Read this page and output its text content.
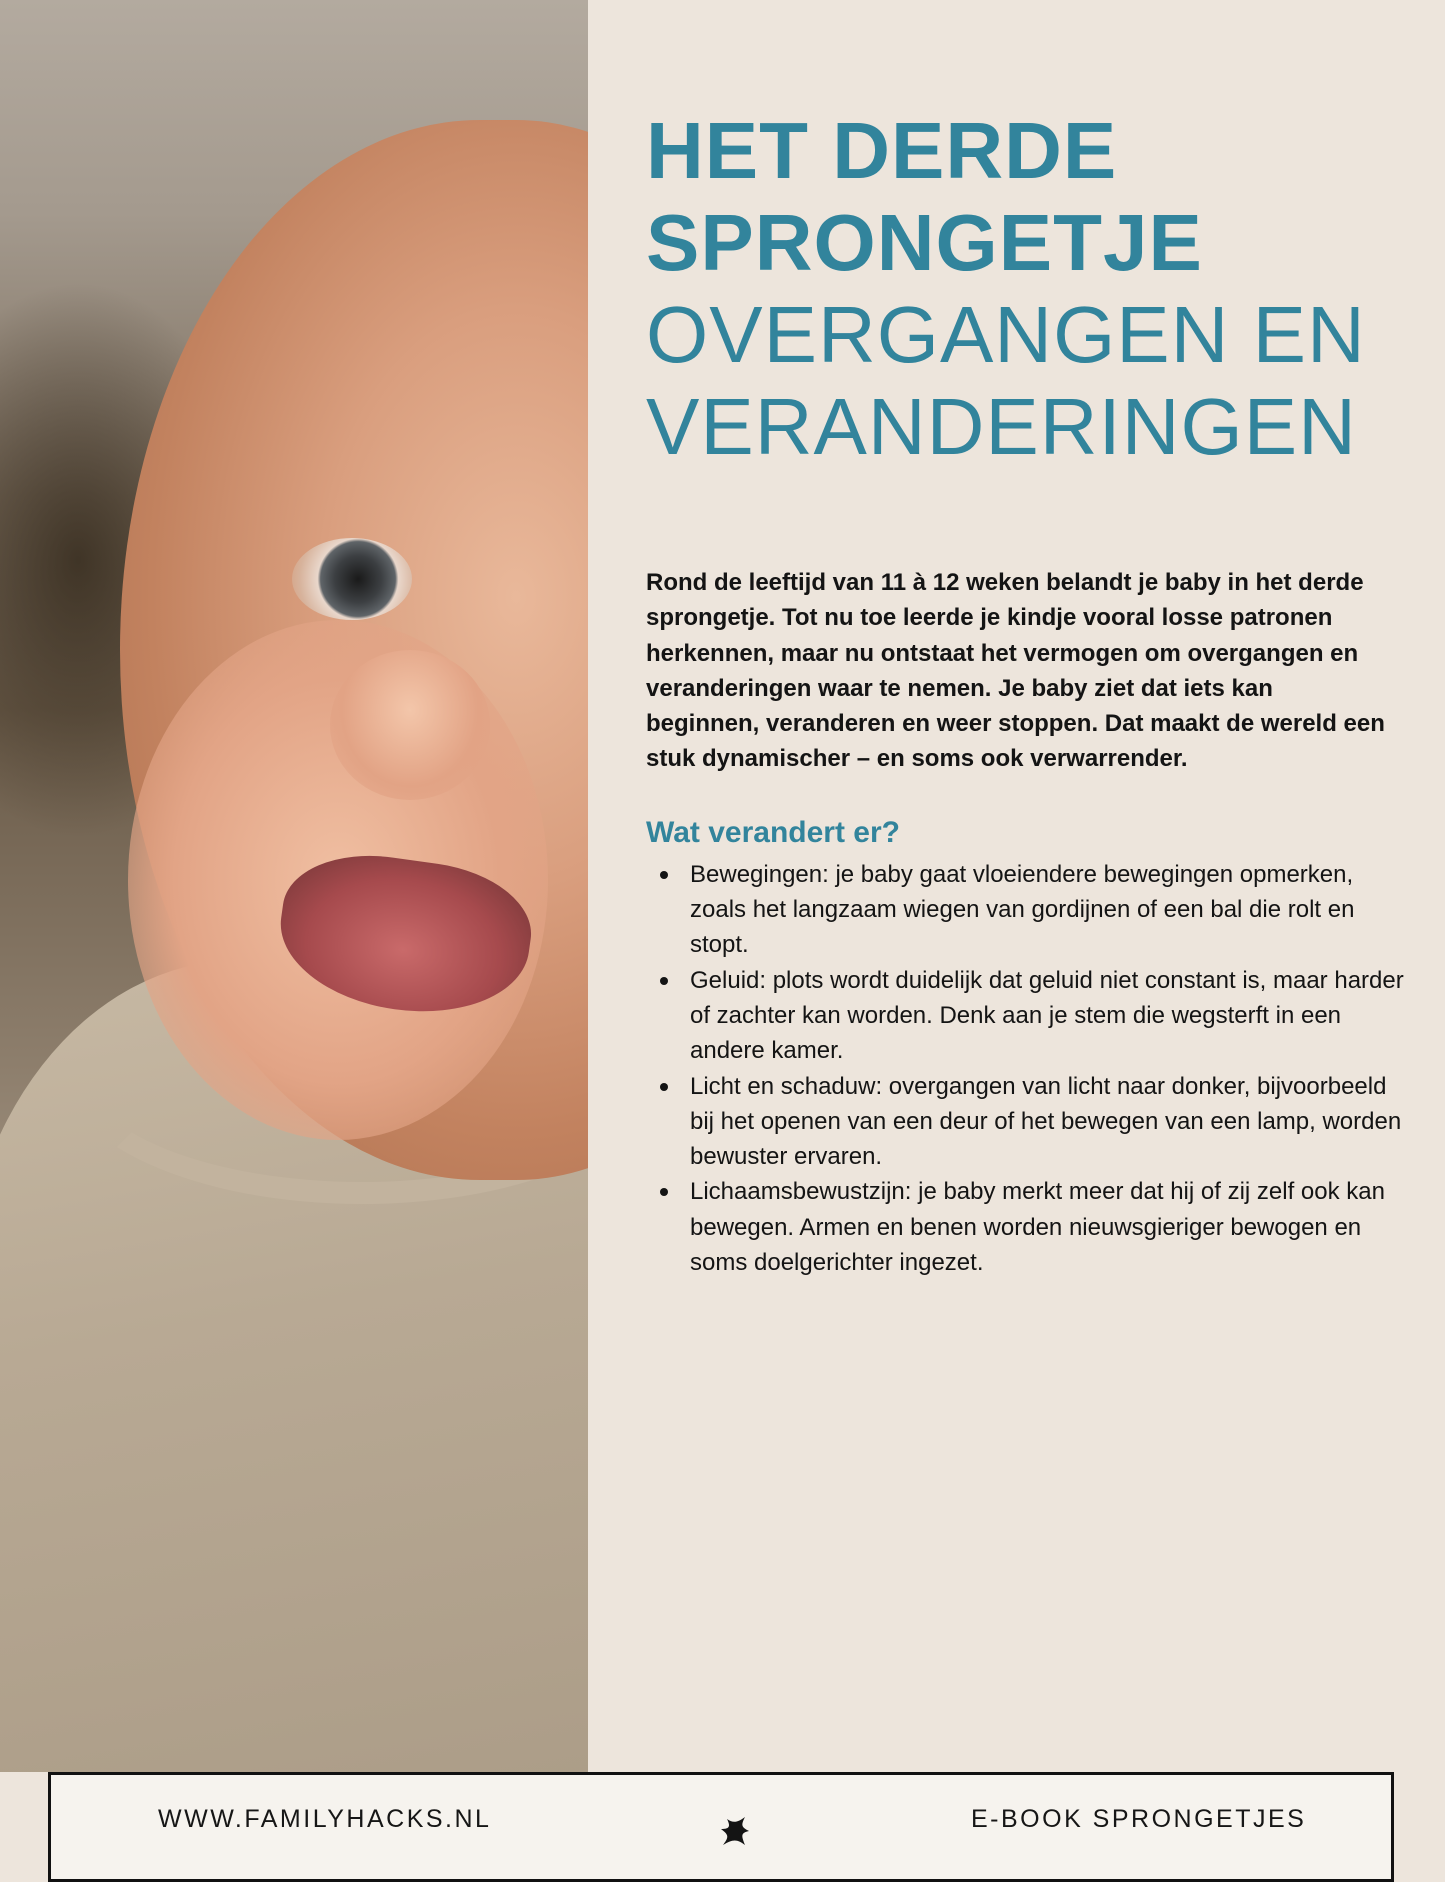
HET DERDE
SPRONGETJE
OVERGANGEN EN
VERANDERINGEN

Rond de leeftijd van 11 à 12 weken belandt je baby in het derde sprongetje. Tot nu toe leerde je kindje vooral losse patronen herkennen, maar nu ontstaat het vermogen om overgangen en veranderingen waar te nemen. Je baby ziet dat iets kan beginnen, veranderen en weer stoppen. Dat maakt de wereld een stuk dynamischer – en soms ook verwarrender.

Wat verandert er?
Bewegingen: je baby gaat vloeiendere bewegingen opmerken, zoals het langzaam wiegen van gordijnen of een bal die rolt en stopt.
Geluid: plots wordt duidelijk dat geluid niet constant is, maar harder of zachter kan worden. Denk aan je stem die wegsterft in een andere kamer.
Licht en schaduw: overgangen van licht naar donker, bijvoorbeeld bij het openen van een deur of het bewegen van een lamp, worden bewuster ervaren.
Lichaamsbewustzijn: je baby merkt meer dat hij of zij zelf ook kan bewegen. Armen en benen worden nieuwsgieriger bewogen en soms doelgerichter ingezet.
WWW.FAMILYHACKS.NL	E-BOOK SPRONGETJES
